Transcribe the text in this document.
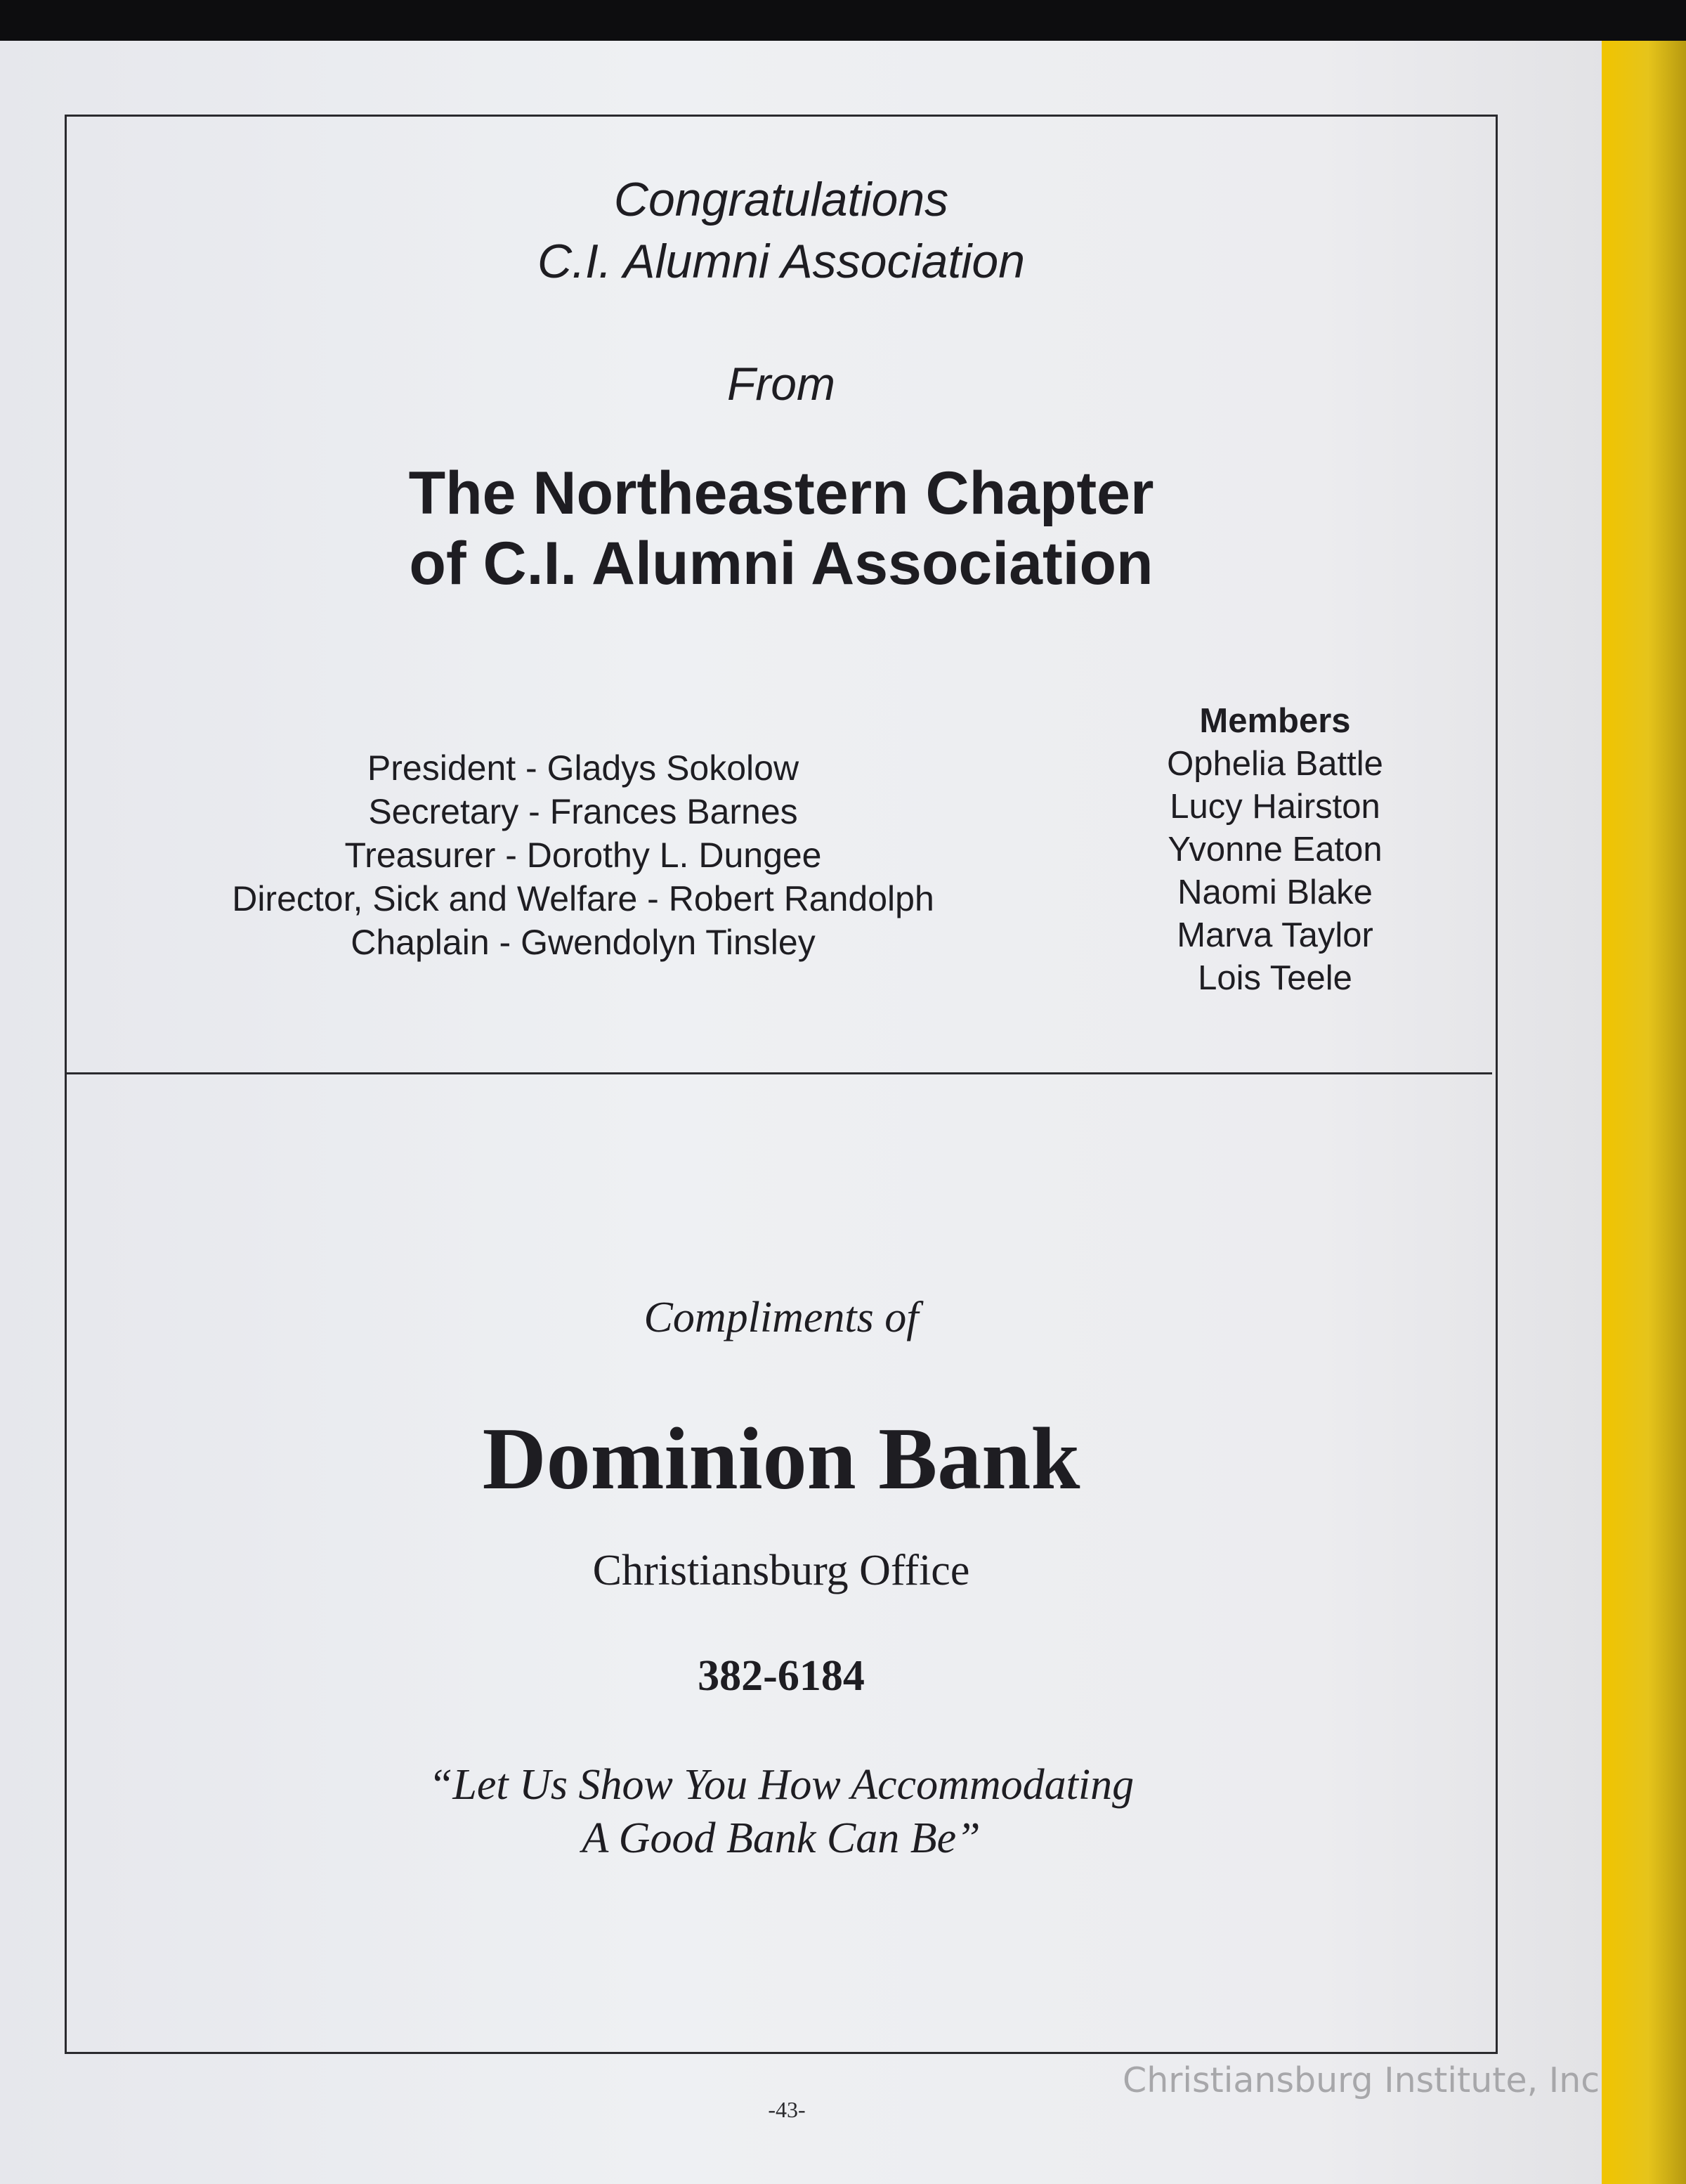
Congratulations
C.I. Alumni Association
From
The Northeastern Chapter
of C.I. Alumni Association
President - Gladys Sokolow
Secretary - Frances Barnes
Treasurer - Dorothy L. Dungee
Director, Sick and Welfare - Robert Randolph
Chaplain - Gwendolyn Tinsley
Members
Ophelia Battle
Lucy Hairston
Yvonne Eaton
Naomi Blake
Marva Taylor
Lois Teele
Compliments of
Dominion Bank
Christiansburg Office
382-6184
“Let Us Show You How Accommodating
A Good Bank Can Be”
-43-
Christiansburg Institute, Inc
